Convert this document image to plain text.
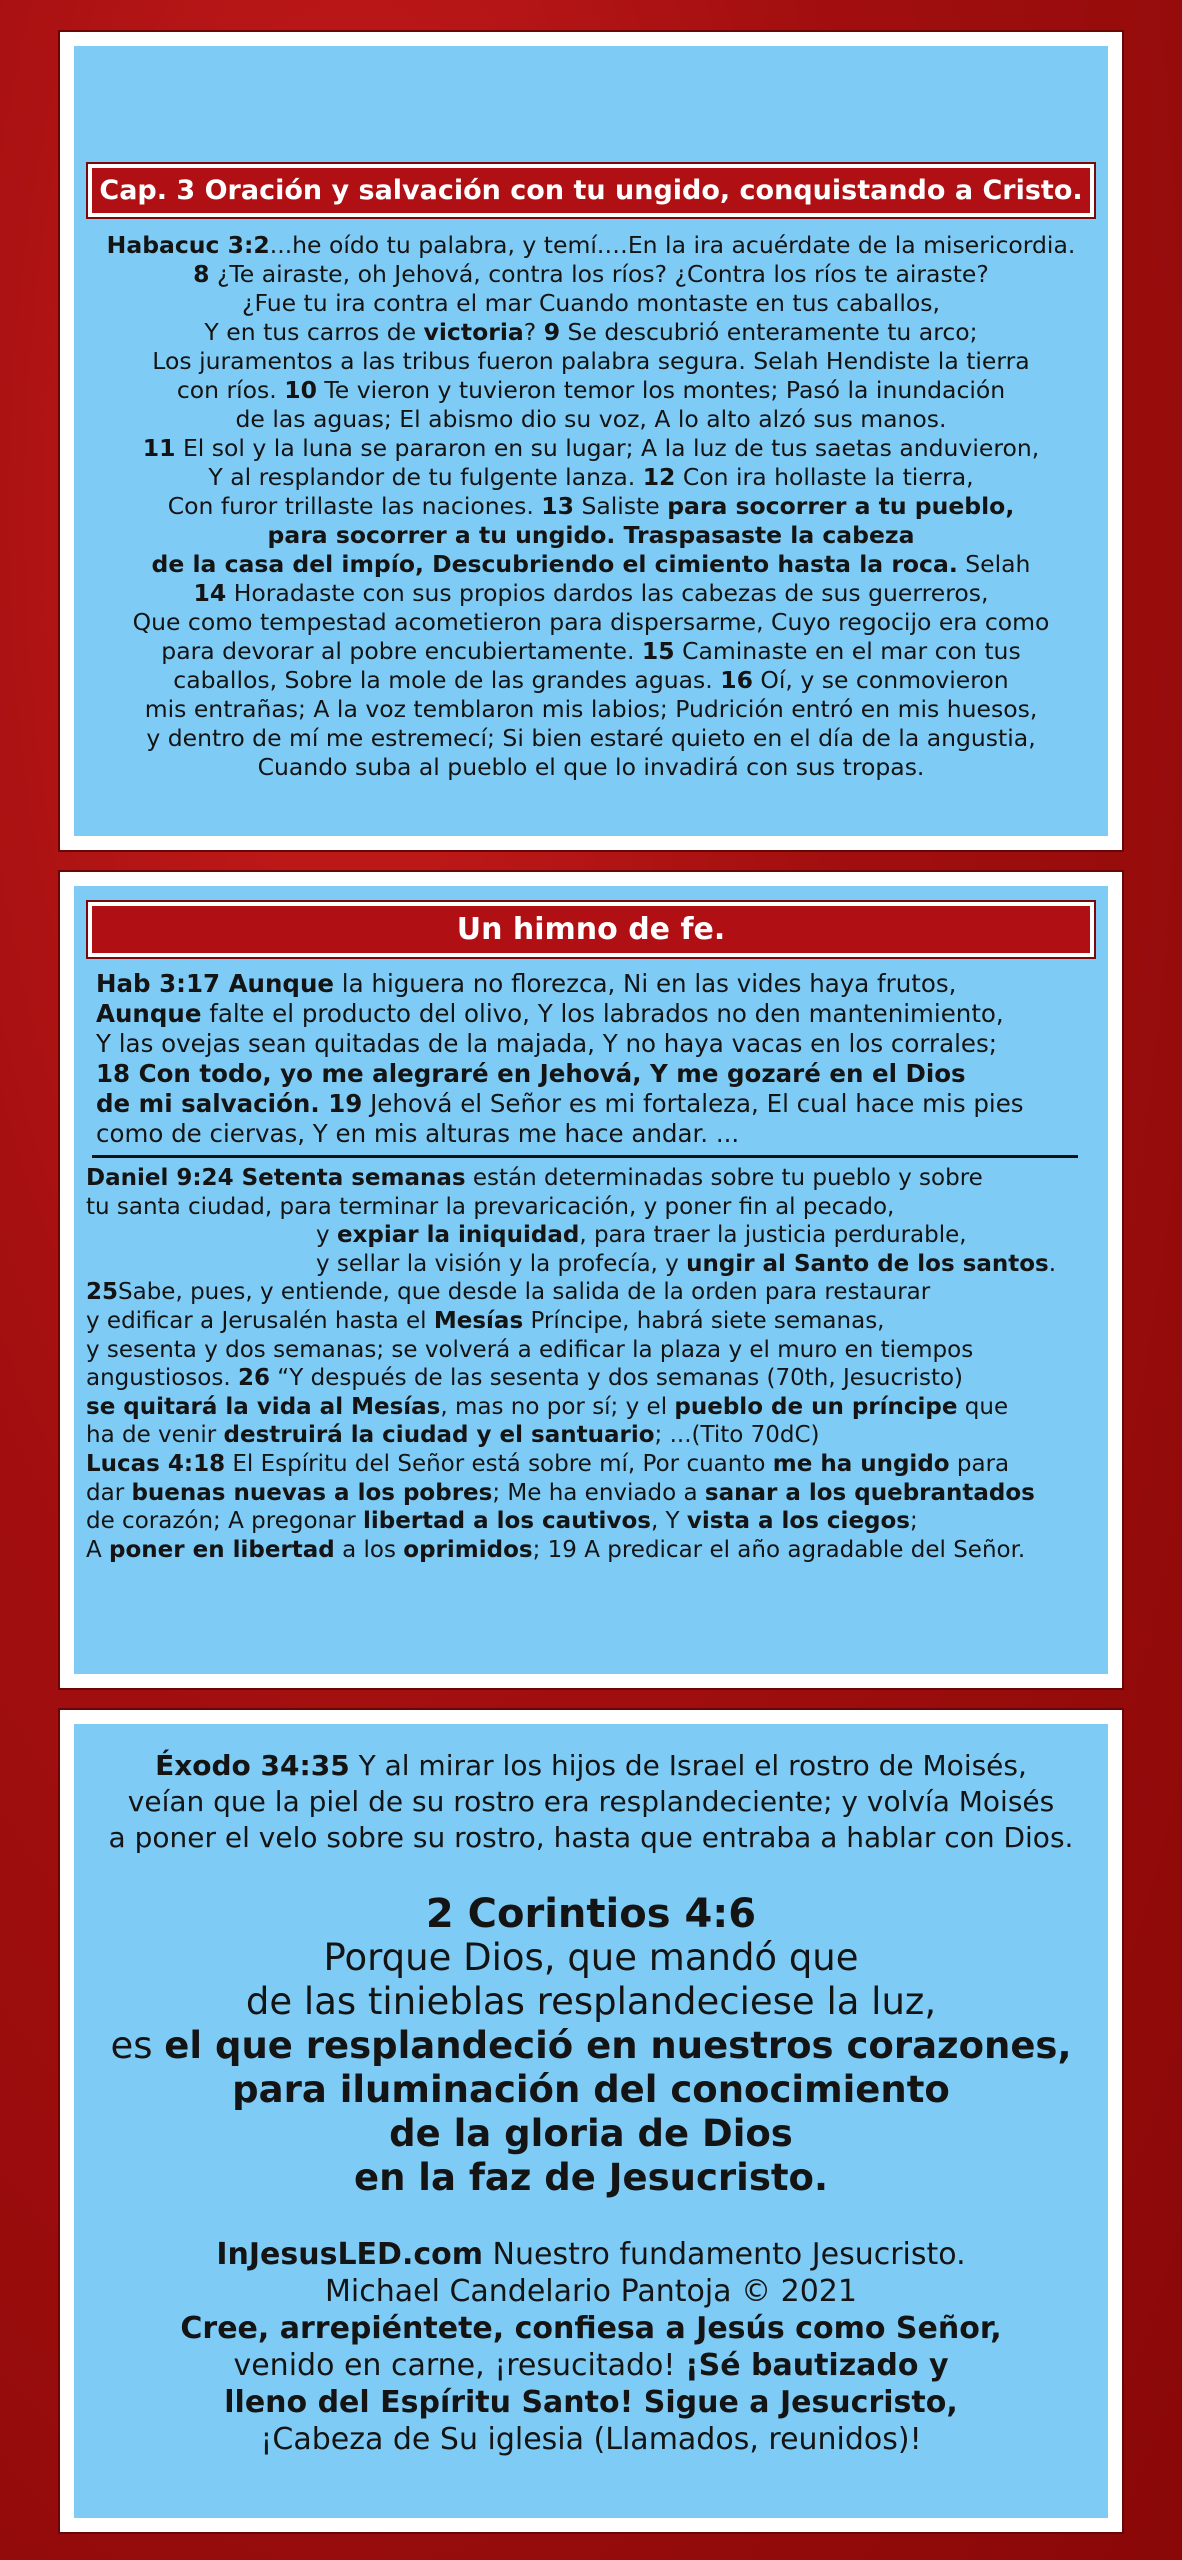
Cap. 3 Oración y salvación con tu ungido, conquistando a Cristo.
Habacuc 3:2...he oído tu palabra, y temí.…En la ira acuérdate de la misericordia.
8 ¿Te airaste, oh Jehová, contra los ríos? ¿Contra los ríos te airaste?
¿Fue tu ira contra el mar Cuando montaste en tus caballos,
Y en tus carros de victoria? 9 Se descubrió enteramente tu arco;
Los juramentos a las tribus fueron palabra segura. Selah Hendiste la tierra
con ríos. 10 Te vieron y tuvieron temor los montes; Pasó la inundación
de las aguas; El abismo dio su voz, A lo alto alzó sus manos.
11 El sol y la luna se pararon en su lugar; A la luz de tus saetas anduvieron,
Y al resplandor de tu fulgente lanza. 12 Con ira hollaste la tierra,
Con furor trillaste las naciones. 13 Saliste para socorrer a tu pueblo,
para socorrer a tu ungido. Traspasaste la cabeza
de la casa del impío, Descubriendo el cimiento hasta la roca. Selah
14 Horadaste con sus propios dardos las cabezas de sus guerreros,
Que como tempestad acometieron para dispersarme, Cuyo regocijo era como
para devorar al pobre encubiertamente. 15 Caminaste en el mar con tus
caballos, Sobre la mole de las grandes aguas. 16 Oí, y se conmovieron
mis entrañas; A la voz temblaron mis labios; Pudrición entró en mis huesos,
y dentro de mí me estremecí; Si bien estaré quieto en el día de la angustia,
Cuando suba al pueblo el que lo invadirá con sus tropas.
Un himno de fe.
Hab 3:17 Aunque la higuera no florezca, Ni en las vides haya frutos,
Aunque falte el producto del olivo, Y los labrados no den mantenimiento,
Y las ovejas sean quitadas de la majada, Y no haya vacas en los corrales;
18 Con todo, yo me alegraré en Jehová, Y me gozaré en el Dios
de mi salvación. 19 Jehová el Señor es mi fortaleza, El cual hace mis pies
como de ciervas, Y en mis alturas me hace andar. ...
Daniel 9:24 Setenta semanas están determinadas sobre tu pueblo y sobre
tu santa ciudad, para terminar la prevaricación, y poner fin al pecado,
y expiar la iniquidad, para traer la justicia perdurable,
y sellar la visión y la profecía, y ungir al Santo de los santos.
25Sabe, pues, y entiende, que desde la salida de la orden para restaurar
y edificar a Jerusalén hasta el Mesías Príncipe, habrá siete semanas,
y sesenta y dos semanas; se volverá a edificar la plaza y el muro en tiempos
angustiosos. 26 “Y después de las sesenta y dos semanas (70th, Jesucristo)
se quitará la vida al Mesías, mas no por sí; y el pueblo de un príncipe que
ha de venir destruirá la ciudad y el santuario; ...(Tito 70dC)
Lucas 4:18 El Espíritu del Señor está sobre mí, Por cuanto me ha ungido para
dar buenas nuevas a los pobres; Me ha enviado a sanar a los quebrantados
de corazón; A pregonar libertad a los cautivos, Y vista a los ciegos;
A poner en libertad a los oprimidos; 19 A predicar el año agradable del Señor.
Éxodo 34:35 Y al mirar los hijos de Israel el rostro de Moisés,
veían que la piel de su rostro era resplandeciente; y volvía Moisés
a poner el velo sobre su rostro, hasta que entraba a hablar con Dios.
2 Corintios 4:6
Porque Dios, que mandó que
de las tinieblas resplandeciese la luz,
es el que resplandeció en nuestros corazones,
para iluminación del conocimiento
de la gloria de Dios
en la faz de Jesucristo.
InJesusLED.com Nuestro fundamento Jesucristo.
Michael Candelario Pantoja © 2021
Cree, arrepiéntete, confiesa a Jesús como Señor,
venido en carne, ¡resucitado! ¡Sé bautizado y
lleno del Espíritu Santo! Sigue a Jesucristo,
¡Cabeza de Su iglesia (Llamados, reunidos)!
